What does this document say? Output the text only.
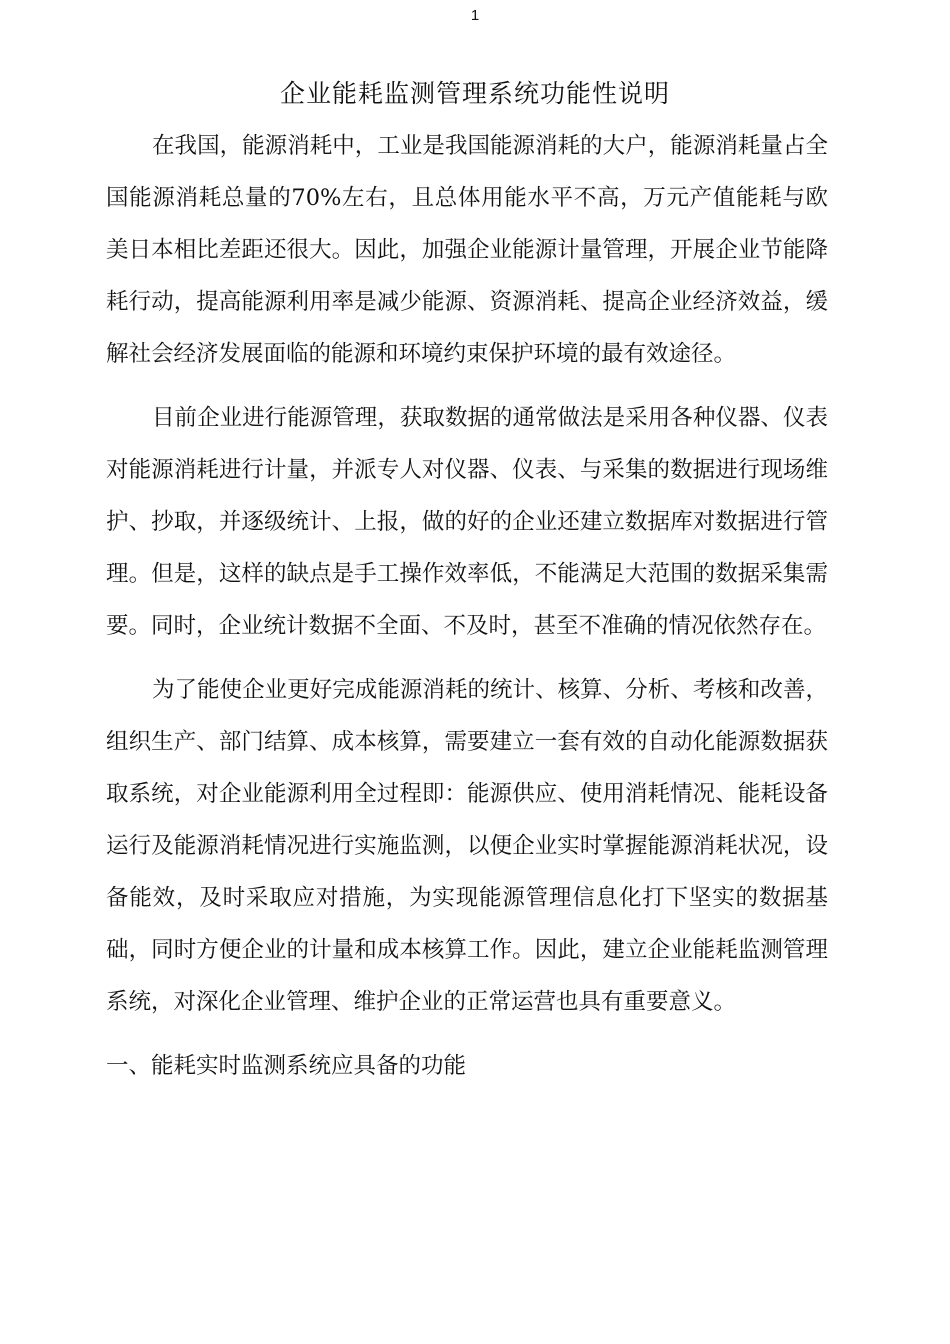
1
企业能耗监测管理系统功能性说明

在我国，能源消耗中，工业是我国能源消耗的大户，能源消耗量占全国能源消耗总量的70%左右，且总体用能水平不高，万元产值能耗与欧美日本相比差距还很大。因此，加强企业能源计量管理，开展企业节能降耗行动，提高能源利用率是减少能源、资源消耗、提高企业经济效益，缓解社会经济发展面临的能源和环境约束保护环境的最有效途径。

目前企业进行能源管理，获取数据的通常做法是采用各种仪器、仪表对能源消耗进行计量，并派专人对仪器、仪表、与采集的数据进行现场维护、抄取，并逐级统计、上报，做的好的企业还建立数据库对数据进行管理。但是，这样的缺点是手工操作效率低，不能满足大范围的数据采集需要。同时，企业统计数据不全面、不及时，甚至不准确的情况依然存在。

为了能使企业更好完成能源消耗的统计、核算、分析、考核和改善，组织生产、部门结算、成本核算，需要建立一套有效的自动化能源数据获取系统，对企业能源利用全过程即：能源供应、使用消耗情况、能耗设备运行及能源消耗情况进行实施监测，以便企业实时掌握能源消耗状况，设备能效，及时采取应对措施，为实现能源管理信息化打下坚实的数据基础，同时方便企业的计量和成本核算工作。因此，建立企业能耗监测管理系统，对深化企业管理、维护企业的正常运营也具有重要意义。

一、能耗实时监测系统应具备的功能
